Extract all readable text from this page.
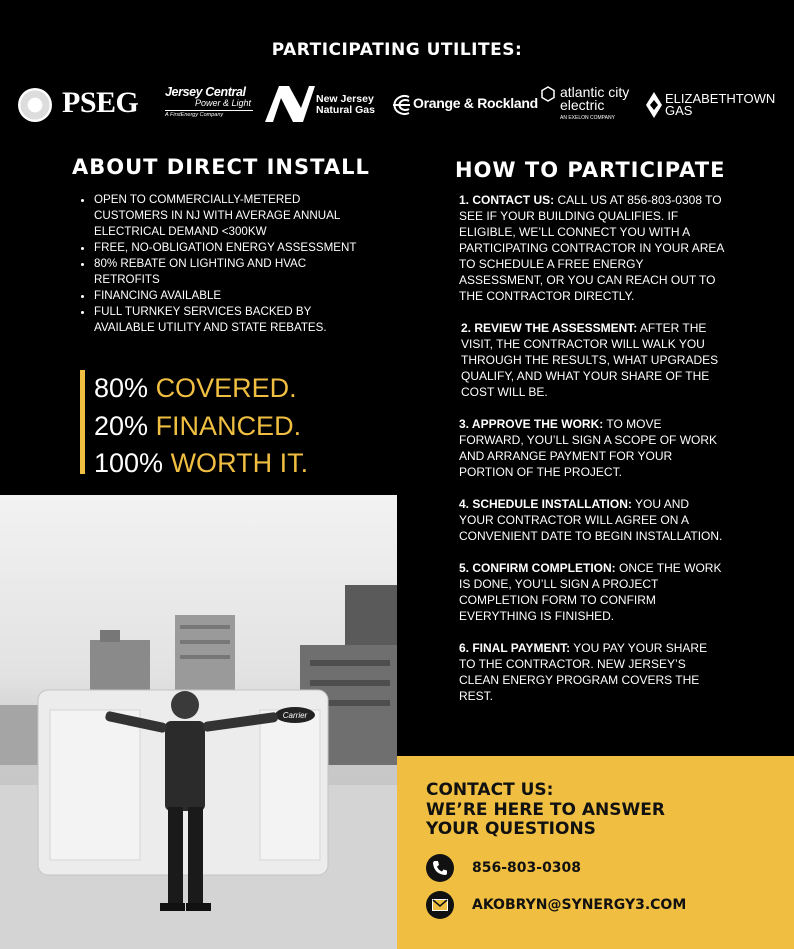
PARTICIPATING UTILITES:
PSEG Jersey Central
Power & Light
A FirstEnergy Company
New Jersey
Natural Gas	Orange & Rockland
atlantic city
electric
AN EXELON COMPANY
ELIZABETHTOWN
GAS
ABOUT DIRECT INSTALL
• OPEN TO COMMERCIALLY-METERED CUSTOMERS IN NJ WITH AVERAGE ANNUAL ELECTRICAL DEMAND <300KW
• FREE, NO-OBLIGATION ENERGY ASSESSMENT
• 80% REBATE ON LIGHTING AND HVAC RETROFITS
• FINANCING AVAILABLE
• FULL TURNKEY SERVICES BACKED BY AVAILABLE UTILITY AND STATE REBATES.
80% COVERED.
20% FINANCED.
100% WORTH IT.
HOW TO PARTICIPATE
1. CONTACT US: CALL US AT 856-803-0308 TO SEE IF YOUR BUILDING QUALIFIES. IF ELIGIBLE, WE’LL CONNECT YOU WITH A PARTICIPATING CONTRACTOR IN YOUR AREA TO SCHEDULE A FREE ENERGY ASSESSMENT, OR YOU CAN REACH OUT TO THE CONTRACTOR DIRECTLY.
2. REVIEW THE ASSESSMENT: AFTER THE VISIT, THE CONTRACTOR WILL WALK YOU THROUGH THE RESULTS, WHAT UPGRADES QUALIFY, AND WHAT YOUR SHARE OF THE COST WILL BE.
3. APPROVE THE WORK: TO MOVE FORWARD, YOU’LL SIGN A SCOPE OF WORK AND ARRANGE PAYMENT FOR YOUR PORTION OF THE PROJECT.
4. SCHEDULE INSTALLATION: YOU AND YOUR CONTRACTOR WILL AGREE ON A CONVENIENT DATE TO BEGIN INSTALLATION.
5. CONFIRM COMPLETION: ONCE THE WORK IS DONE, YOU’LL SIGN A PROJECT COMPLETION FORM TO CONFIRM EVERYTHING IS FINISHED.
6. FINAL PAYMENT: YOU PAY YOUR SHARE TO THE CONTRACTOR. NEW JERSEY’S CLEAN ENERGY PROGRAM COVERS THE REST.
Carrier
CONTACT US:
WE’RE HERE TO ANSWER
YOUR QUESTIONS
856-803-0308
AKOBRYN@SYNERGY3.COM
